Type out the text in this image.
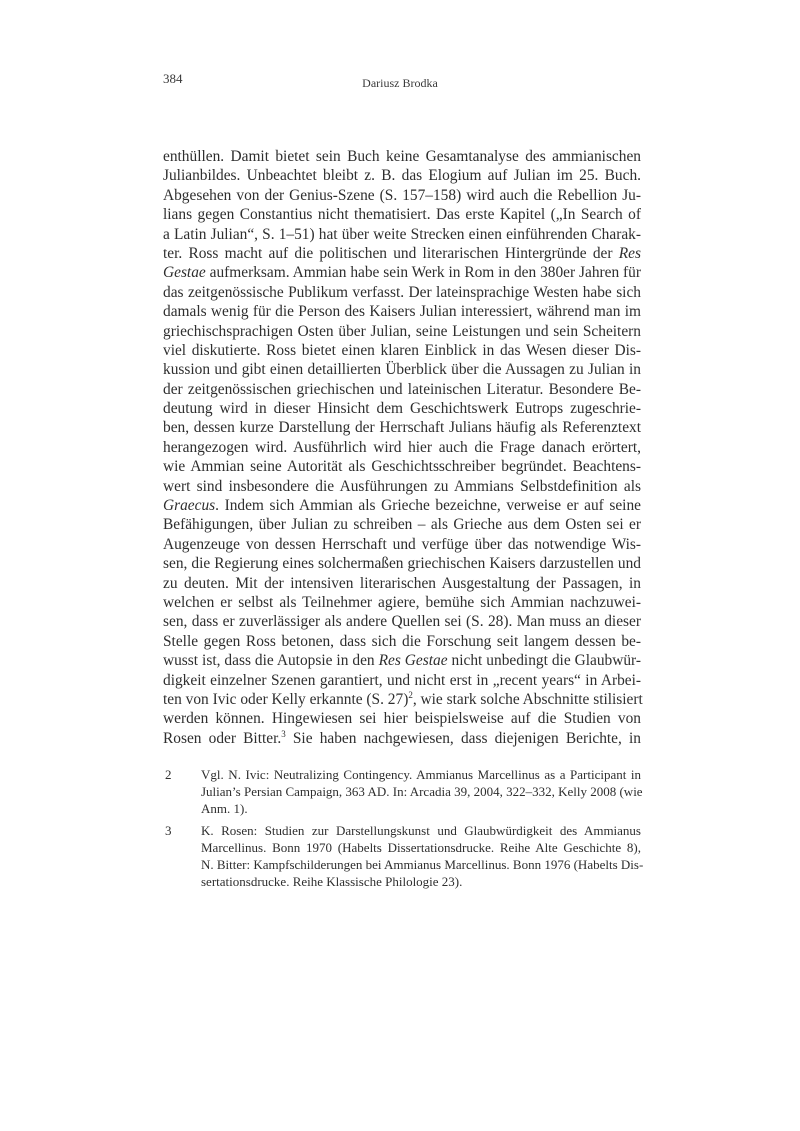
384	Dariusz Brodka
enthüllen. Damit bietet sein Buch keine Gesamtanalyse des ammianischen
Julianbildes. Unbeachtet bleibt z. B. das Elogium auf Julian im 25. Buch.
Abgesehen von der Genius-Szene (S. 157–158) wird auch die Rebellion Ju-
lians gegen Constantius nicht thematisiert. Das erste Kapitel („In Search of
a Latin Julian“, S. 1–51) hat über weite Strecken einen einführenden Charak-
ter. Ross macht auf die politischen und literarischen Hintergründe der Res
Gestae aufmerksam. Ammian habe sein Werk in Rom in den 380er Jahren für
das zeitgenössische Publikum verfasst. Der lateinsprachige Westen habe sich
damals wenig für die Person des Kaisers Julian interessiert, während man im
griechischsprachigen Osten über Julian, seine Leistungen und sein Scheitern
viel diskutierte. Ross bietet einen klaren Einblick in das Wesen dieser Dis-
kussion und gibt einen detaillierten Überblick über die Aussagen zu Julian in
der zeitgenössischen griechischen und lateinischen Literatur. Besondere Be-
deutung wird in dieser Hinsicht dem Geschichtswerk Eutrops zugeschrie-
ben, dessen kurze Darstellung der Herrschaft Julians häufig als Referenztext
herangezogen wird. Ausführlich wird hier auch die Frage danach erörtert,
wie Ammian seine Autorität als Geschichtsschreiber begründet. Beachtens-
wert sind insbesondere die Ausführungen zu Ammians Selbstdefinition als
Graecus. Indem sich Ammian als Grieche bezeichne, verweise er auf seine
Befähigungen, über Julian zu schreiben – als Grieche aus dem Osten sei er
Augenzeuge von dessen Herrschaft und verfüge über das notwendige Wis-
sen, die Regierung eines solchermaßen griechischen Kaisers darzustellen und
zu deuten. Mit der intensiven literarischen Ausgestaltung der Passagen, in
welchen er selbst als Teilnehmer agiere, bemühe sich Ammian nachzuwei-
sen, dass er zuverlässiger als andere Quellen sei (S. 28). Man muss an dieser
Stelle gegen Ross betonen, dass sich die Forschung seit langem dessen be-
wusst ist, dass die Autopsie in den Res Gestae nicht unbedingt die Glaubwür-
digkeit einzelner Szenen garantiert, und nicht erst in „recent years“ in Arbei-
ten von Ivic oder Kelly erkannte (S. 27)$^2$, wie stark solche Abschnitte stilisiert
werden können. Hingewiesen sei hier beispielsweise auf die Studien von
Rosen oder Bitter.$^3$ Sie haben nachgewiesen, dass diejenigen Berichte, in
2 Vgl. N. Ivic: Neutralizing Contingency. Ammianus Marcellinus as a Participant in
Julian’s Persian Campaign, 363 AD. In: Arcadia 39, 2004, 322–332, Kelly 2008 (wie
Anm. 1).
3 K. Rosen: Studien zur Darstellungskunst und Glaubwürdigkeit des Ammianus
Marcellinus. Bonn 1970 (Habelts Dissertationsdrucke. Reihe Alte Geschichte 8),
N. Bitter: Kampfschilderungen bei Ammianus Marcellinus. Bonn 1976 (Habelts Dis-
sertationsdrucke. Reihe Klassische Philologie 23).
